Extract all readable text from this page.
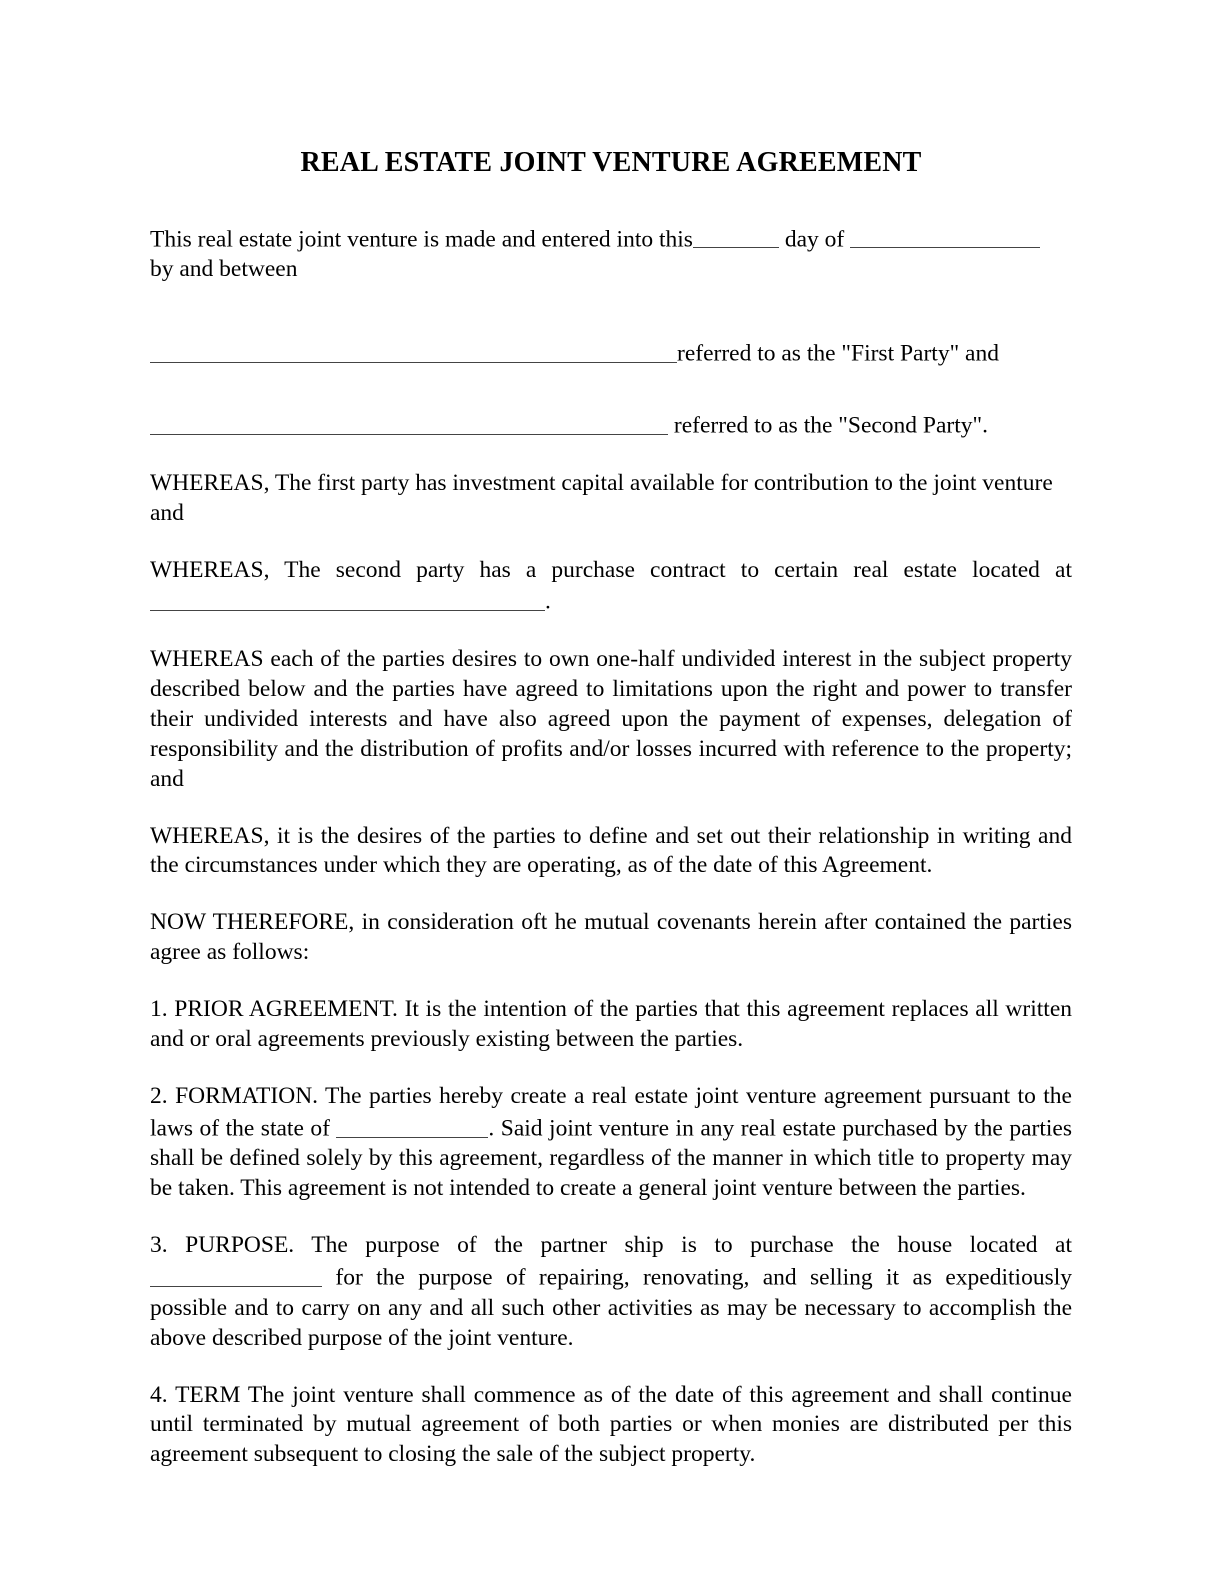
REAL ESTATE JOINT VENTURE AGREEMENT

This real estate joint venture is made and entered into this	day of
by and between

referred to as the "First Party" and

referred to as the "Second Party".

WHEREAS, The first party has investment capital available for contribution to the joint venture and

WHEREAS, The second party has a purchase contract to certain real estate located at .

WHEREAS each of the parties desires to own one-half undivided interest in the subject property described below and the parties have agreed to limitations upon the right and power to transfer their undivided interests and have also agreed upon the payment of expenses, delegation of responsibility and the distribution of profits and/or losses incurred with reference to the property; and

WHEREAS, it is the desires of the parties to define and set out their relationship in writing and the circumstances under which they are operating, as of the date of this Agreement.

NOW THEREFORE, in consideration oft he mutual covenants herein after contained the parties agree as follows:

1. PRIOR AGREEMENT. It is the intention of the parties that this agreement replaces all written and or oral agreements previously existing between the parties.

2. FORMATION. The parties hereby create a real estate joint venture agreement pursuant to the laws of the state of	. Said joint venture in any real estate purchased by the parties shall be defined solely by this agreement, regardless of the manner in which title to property may be taken. This agreement is not intended to create a general joint venture between the parties.

3. PURPOSE. The purpose of the partner ship is to purchase the house located at for the purpose of repairing, renovating, and selling it as expeditiously possible and to carry on any and all such other activities as may be necessary to accomplish the above described purpose of the joint venture.

4. TERM The joint venture shall commence as of the date of this agreement and shall continue until terminated by mutual agreement of both parties or when monies are distributed per this agreement subsequent to closing the sale of the subject property.
